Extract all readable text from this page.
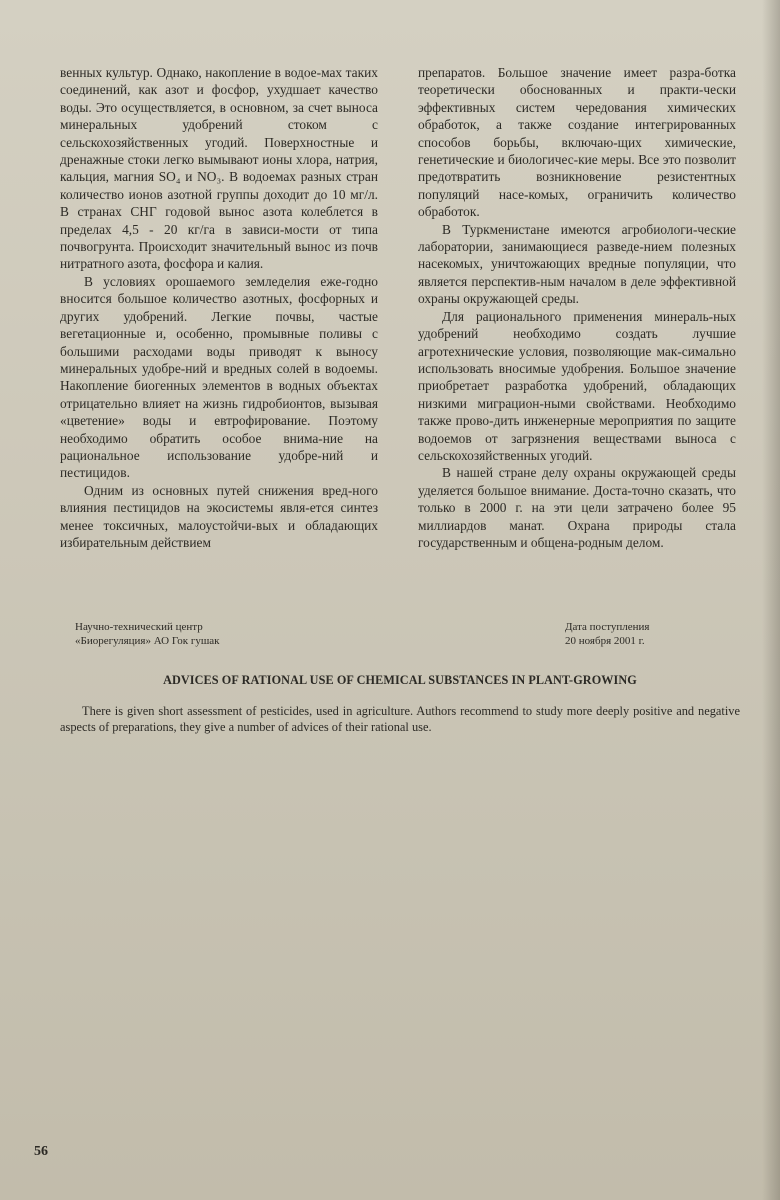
венных культур. Однако, накопление в водое-мах таких соединений, как азот и фосфор, ухудшает качество воды. Это осуществляется, в основном, за счет выноса минеральных удобрений стоком с сельскохозяйственных угодий. Поверхностные и дренажные стоки легко вымывают ионы хлора, натрия, кальция, магния SO₄ и NO₃. В водоемах разных стран количество ионов азотной группы доходит до 10 мг/л. В странах СНГ годовой вынос азота колеблется в пределах 4,5 - 20 кг/га в зависи-мости от типа почвогрунта. Происходит значительный вынос из почв нитратного азота, фосфора и калия.

В условиях орошаемого земледелия еже-годно вносится большое количество азотных, фосфорных и других удобрений. Легкие почвы, частые вегетационные и, особенно, промывные поливы с большими расходами воды приводят к выносу минеральных удобре-ний и вредных солей в водоемы. Накопление биогенных элементов в водных объектах отрицательно влияет на жизнь гидробионтов, вызывая «цветение» воды и евтрофирование. Поэтому необходимо обратить особое внима-ние на рациональное использование удобре-ний и пестицидов.

Одним из основных путей снижения вред-ного влияния пестицидов на экосистемы явля-ется синтез менее токсичных, малоустойчи-вых и обладающих избирательным действием

препаратов. Большое значение имеет разра-ботка теоретически обоснованных и практи-чески эффективных систем чередования химических обработок, а также создание интегрированных способов борьбы, включаю-щих химические, генетические и биологичес-кие меры. Все это позволит предотвратить возникновение резистентных популяций насе-комых, ограничить количество обработок.

В Туркменистане имеются агробиологи-ческие лаборатории, занимающиеся разведе-нием полезных насекомых, уничтожающих вредные популяции, что является перспектив-ным началом в деле эффективной охраны окружающей среды.

Для рационального применения минераль-ных удобрений необходимо создать лучшие агротехнические условия, позволяющие мак-симально использовать вносимые удобрения. Большое значение приобретает разработка удобрений, обладающих низкими миграцион-ными свойствами. Необходимо также прово-дить инженерные мероприятия по защите водоемов от загрязнения веществами выноса с сельскохозяйственных угодий.

В нашей стране делу охраны окружающей среды уделяется большое внимание. Доста-точно сказать, что только в 2000 г. на эти цели затрачено более 95 миллиардов манат. Охрана природы стала государственным и общена-родным делом.

Научно-технический центр
«Биорегуляция» АО Гок гушак
Дата поступления
20 ноября 2001 г.
ADVICES OF RATIONAL USE OF CHEMICAL SUBSTANCES IN PLANT-GROWING
There is given short assessment of pesticides, used in agriculture. Authors recommend to study more deeply positive and negative aspects of preparations, they give a number of advices of their rational use.
56
